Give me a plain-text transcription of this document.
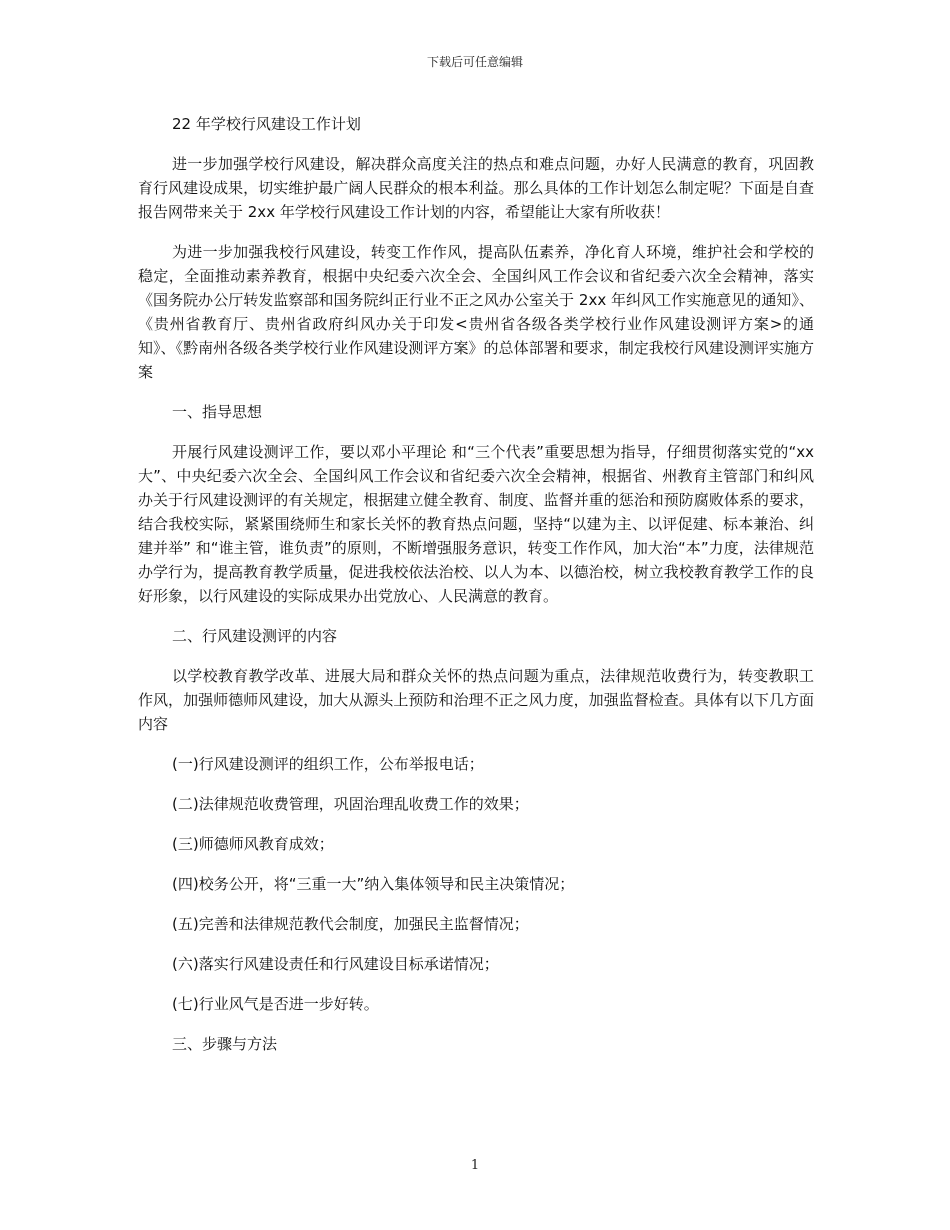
下载后可任意编辑

22 年学校行风建设工作计划

进一步加强学校行风建设，解决群众高度关注的热点和难点问题，办好人民满意的教育，巩固教育行风建设成果，切实维护最广阔人民群众的根本利益。那么具体的工作计划怎么制定呢？下面是自查报告网带来关于 2xx 年学校行风建设工作计划的内容，希望能让大家有所收获！

为进一步加强我校行风建设，转变工作作风，提高队伍素养，净化育人环境，维护社会和学校的稳定，全面推动素养教育，根据中央纪委六次全会、全国纠风工作会议和省纪委六次全会精神，落实《国务院办公厅转发监察部和国务院纠正行业不正之风办公室关于 2xx 年纠风工作实施意见的通知》、《贵州省教育厅、贵州省政府纠风办关于印发<贵州省各级各类学校行业作风建设测评方案>的通知》、《黔南州各级各类学校行业作风建设测评方案》的总体部署和要求，制定我校行风建设测评实施方案

一、指导思想

开展行风建设测评工作，要以邓小平理论 和“三个代表”重要思想为指导，仔细贯彻落实党的“xx 大”、中央纪委六次全会、全国纠风工作会议和省纪委六次全会精神，根据省、州教育主管部门和纠风办关于行风建设测评的有关规定，根据建立健全教育、制度、监督并重的惩治和预防腐败体系的要求，结合我校实际，紧紧围绕师生和家长关怀的教育热点问题，坚持“以建为主、以评促建、标本兼治、纠建并举” 和“谁主管，谁负责”的原则，不断增强服务意识，转变工作作风，加大治“本”力度，法律规范办学行为，提高教育教学质量，促进我校依法治校、以人为本、以德治校，树立我校教育教学工作的良好形象，以行风建设的实际成果办出党放心、人民满意的教育。

二、行风建设测评的内容

以学校教育教学改革、进展大局和群众关怀的热点问题为重点，法律规范收费行为，转变教职工作风，加强师德师风建设，加大从源头上预防和治理不正之风力度，加强监督检查。具体有以下几方面内容

(一)行风建设测评的组织工作，公布举报电话；

(二)法律规范收费管理，巩固治理乱收费工作的效果；

(三)师德师风教育成效；

(四)校务公开，将“三重一大”纳入集体领导和民主决策情况；

(五)完善和法律规范教代会制度，加强民主监督情况；

(六)落实行风建设责任和行风建设目标承诺情况；

(七)行业风气是否进一步好转。

三、步骤与方法

1
